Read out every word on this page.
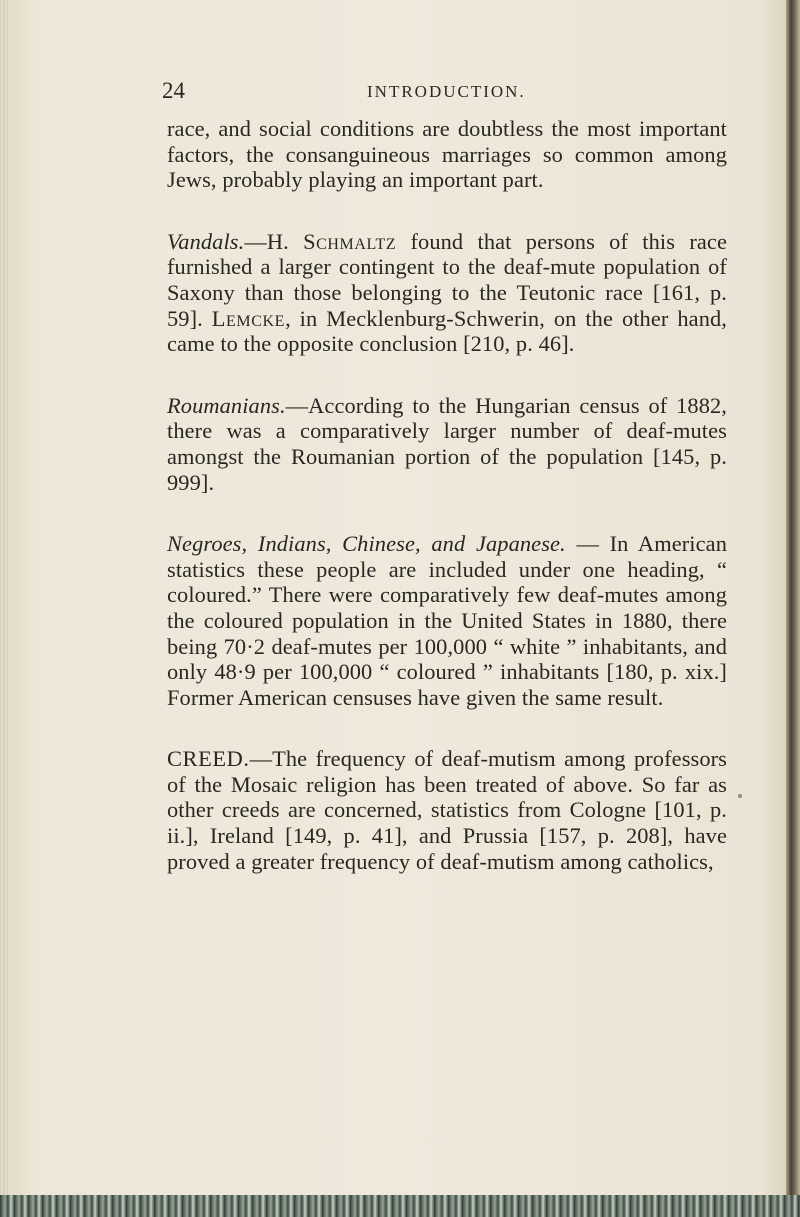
24	INTRODUCTION.

race, and social conditions are doubtless the most important factors, the consanguineous marriages so common among Jews, probably playing an important part.

Vandals.—H. Schmaltz found that persons of this race furnished a larger contingent to the deaf-mute population of Saxony than those belonging to the Teutonic race [161, p. 59]. Lemcke, in Mecklenburg-Schwerin, on the other hand, came to the opposite conclusion [210, p. 46].

Roumanians.—According to the Hungarian census of 1882, there was a comparatively larger number of deaf-mutes amongst the Roumanian portion of the population [145, p. 999].

Negroes, Indians, Chinese, and Japanese. — In American statistics these people are included under one heading, “ coloured.” There were comparatively few deaf-mutes among the coloured population in the United States in 1880, there being 70·2 deaf-mutes per 100,000 “ white ” inhabitants, and only 48·9 per 100,000 “ coloured ” inhabitants [180, p. xix.] Former American censuses have given the same result.

CREED.—The frequency of deaf-mutism among professors of the Mosaic religion has been treated of above. So far as other creeds are concerned, statistics from Cologne [101, p. ii.], Ireland [149, p. 41], and Prussia [157, p. 208], have proved a greater frequency of deaf-mutism among catholics,
